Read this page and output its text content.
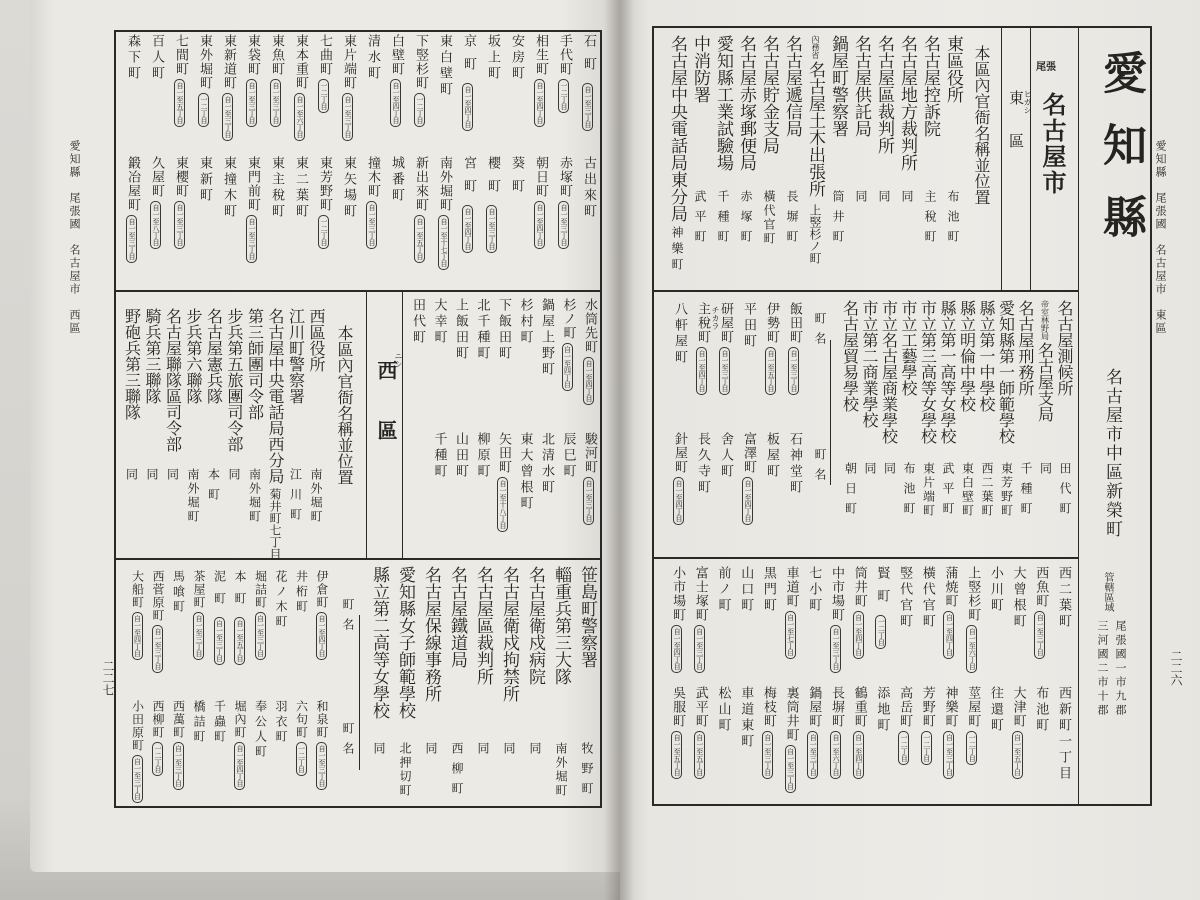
愛知縣　尾張國　名古屋市　東區
二二六
愛知縣
名古屋市中區新榮町
管轄區域
尾張國一市九郡
三河國二市十郡
尾張
名古屋市
東區
ヒガシ
本區內官衙名稱並位置
町名
町名
愛知縣　尾張國　名古屋市　西區
二二七
西區
ニシ
本區內官衙名稱並位置
町名
町名
東區役所
布池町
名古屋控訴院
主稅町
名古屋地方裁判所
同
名古屋區裁判所
同
名古屋供託局
同
鍋屋町警察署
筒井町
內務省名古屋土木出張所
上竪杉ノ町
名古屋遞信局
長塀町
名古屋貯金支局
橫代官町
名古屋赤塚郵便局
赤塚町
愛知縣工業試驗場
千種町
中消防署
武平町
名古屋中央電話局東分局
神樂町
名古屋測候所
田代町
帝室林野局名古屋支局
同
名古屋刑務所
千種町
愛知縣第一師範學校
東芳野町
縣立第一中學校
西二葉町
縣立明倫中學校
東白壁町
縣立第一高等女學校
武平町
市立第三高等女學校
東片端町
市立工藝學校
布池町
市立名古屋商業學校
同
市立第二商業學校
同
名古屋貿易學校
朝日町
飯田町自一至三丁目
石神堂町
伊勢町自一至五丁目
板屋町
平田町
富澤町自一至四丁目
研屋町自一至三丁目
舍人町
主稅町自一至四丁目
チカラ
長久寺町
八軒屋町
針屋町自一至四丁目
西二葉町
西新町一丁目
西魚町自一至三丁目
布池町
大曾根町
大津町自一至五丁目
小川町
往還町
上竪杉町自一至六丁目
莖屋町一二丁目
蒲焼町自一至四丁目
神樂町自一至三丁目
橫代官町
芳野町一二丁目
竪代官町
高岳町一二丁目
賢町一二丁目
添地町
筒井町自一至四丁目
鶴重町自一至四丁目
中市場町自一至三丁目
長塀町自一至六丁目
七小町
鍋屋町自一至三丁目
車道町自一至七丁目
裏筒井町自一至三丁目
黒門町
梅枝町自一至三丁目
山口町
車道東町
前ノ町
松山町
富士塚町自一至三丁目
武平町自一至五丁目
小市場町自一至四丁目
吳服町自一至五丁目
石町自一至三丁目
古出來町
手代町一二丁目
赤塚町自一至三丁目
相生町自一至四丁目
朝日町自一至四丁目
安房町
葵町
坂上町
櫻町自一至三丁目
京町自一至四丁目
宮町自一至四丁目
東白壁町
南外堀町自一至十七丁目
下竪杉町一二丁目
新出來町自一至五丁目
白壁町自一至四丁目
城番町
清水町
撞木町自一至三丁目
東片端町自一至三丁目
東矢場町
七曲町一二丁目
東芳野町一二丁目
東本重町自一至六丁目
東二葉町
東魚町自一至三丁目
東主稅町
東袋町自一至三丁目
東門前町自一至三丁目
東新道町自一至三丁目
東撞木町
東外堀町一二丁目
東新町
七間町自一至五丁目
東櫻町自一至三丁目
百人町
久屋町自一至八丁目
森下町
鍛冶屋町自一至三丁目
水筒先町自一至四丁目
駿河町自一至三丁目
杉ノ町自一至四丁目
辰巳町
鍋屋上野町
北清水町
杉村町
東大曾根町
下飯田町
矢田町自一至十八丁目
北千種町
柳原町
上飯田町
山田町
大幸町
千種町
田代町
西區役所
南外堀町
江川町警察署
江川町
名古屋中央電話局西分局
菊井町七丁目
第三師團司令部
南外堀町
步兵第五旅團司令部
同
名古屋憲兵隊
本町
步兵第六聯隊
南外堀町
名古屋聯隊區司令部
同
騎兵第三聯隊
同
野砲兵第三聯隊
同
笹島町警察署
牧野町
輜重兵第三大隊
南外堀町
名古屋衛戍病院
同
名古屋衛戍拘禁所
同
名古屋區裁判所
同
名古屋鐵道局
西柳町
名古屋保線事務所
同
愛知縣女子師範學校
北押切町
縣立第二高等女學校
同
伊倉町自一至四丁目
和泉町自一至三丁目
井桁町
六句町一二丁目
花ノ木町
羽衣町
堀詰町自一至三丁目
奉公人町
本町自一至五丁目
堀內町自一至四丁目
泥町自一至三丁目
千蟲町
茶屋町自一至三丁目
橋詰町
馬喰町
西萬町自一至三丁目
西菅原町自一至三丁目
西柳町一二丁目
大船町自一至四丁目
小田原町自一至三丁目
